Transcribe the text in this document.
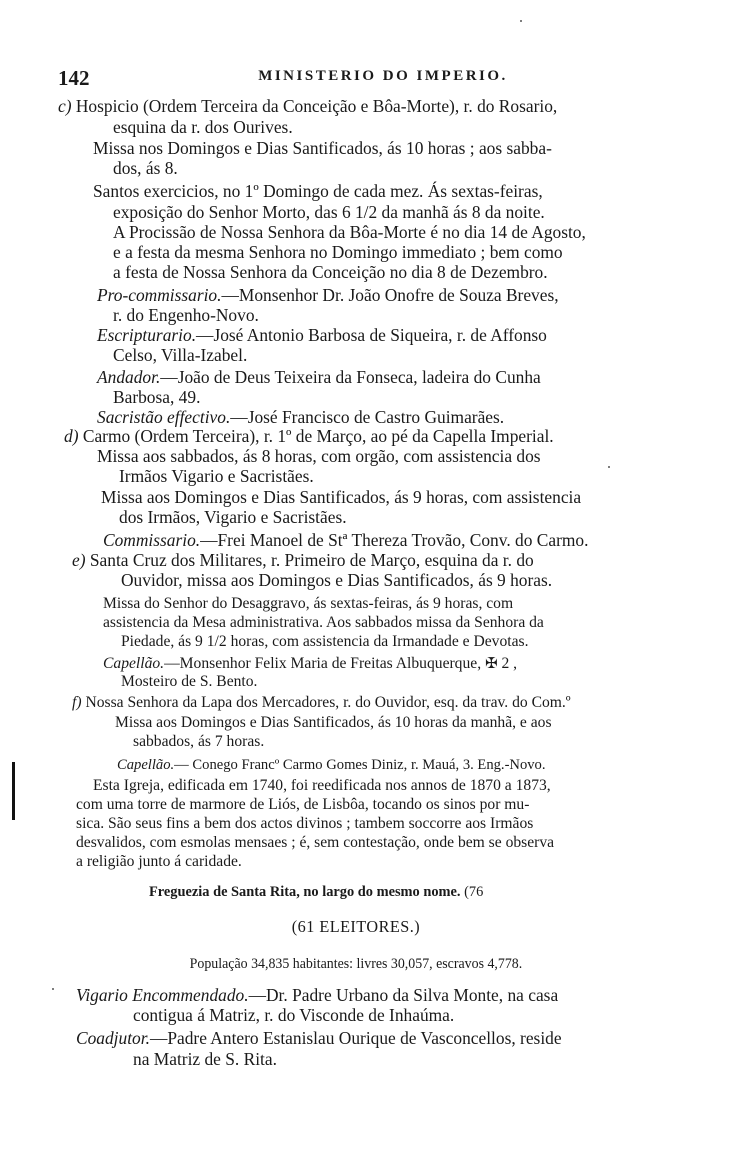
142	MINISTERIO DO IMPERIO.
c) Hospicio (Ordem Terceira da Conceição e Bôa-Morte), r. do Rosario,
esquina da r. dos Ourives.
Missa nos Domingos e Dias Santificados, ás 10 horas ; aos sabba-
dos, ás 8.
Santos exercicios, no 1º Domingo de cada mez. Ás sextas-feiras,
exposição do Senhor Morto, das 6 1/2 da manhã ás 8 da noite.
A Procissão de Nossa Senhora da Bôa-Morte é no dia 14 de Agosto,
e a festa da mesma Senhora no Domingo immediato ; bem como
a festa de Nossa Senhora da Conceição no dia 8 de Dezembro.
Pro-commissario.—Monsenhor Dr. João Onofre de Souza Breves,
r. do Engenho-Novo.
Escripturario.—José Antonio Barbosa de Siqueira, r. de Affonso
Celso, Villa-Izabel.
Andador.—João de Deus Teixeira da Fonseca, ladeira do Cunha
Barbosa, 49.
Sacristão effectivo.—José Francisco de Castro Guimarães.
d) Carmo (Ordem Terceira), r. 1º de Março, ao pé da Capella Imperial.
Missa aos sabbados, ás 8 horas, com orgão, com assistencia dos
Irmãos Vigario e Sacristães.
Missa aos Domingos e Dias Santificados, ás 9 horas, com assistencia
dos Irmãos, Vigario e Sacristães.
Commissario.—Frei Manoel de Stª Thereza Trovão, Conv. do Carmo.
e) Santa Cruz dos Militares, r. Primeiro de Março, esquina da r. do
Ouvidor, missa aos Domingos e Dias Santificados, ás 9 horas.
Missa do Senhor do Desaggravo, ás sextas-feiras, ás 9 horas, com
assistencia da Mesa administrativa. Aos sabbados missa da Senhora da
Piedade, ás 9 1/2 horas, com assistencia da Irmandade e Devotas.
Capellão.—Monsenhor Felix Maria de Freitas Albuquerque, ✠ 2 ,
Mosteiro de S. Bento.
f) Nossa Senhora da Lapa dos Mercadores, r. do Ouvidor, esq. da trav. do Com.º
Missa aos Domingos e Dias Santificados, ás 10 horas da manhã, e aos
sabbados, ás 7 horas.
Capellão.— Conego Francº Carmo Gomes Diniz, r. Mauá, 3. Eng.-Novo.
Esta Igreja, edificada em 1740, foi reedificada nos annos de 1870 a 1873,
com uma torre de marmore de Liós, de Lisbôa, tocando os sinos por mu-
sica. São seus fins a bem dos actos divinos ; tambem soccorre aos Irmãos
desvalidos, com esmolas mensaes ; é, sem contestação, onde bem se observa
a religião junto á caridade.
Freguezia de Santa Rita, no largo do mesmo nome. (76
(61 ELEITORES.)
População 34,835 habitantes: livres 30,057, escravos 4,778.
Vigario Encommendado.—Dr. Padre Urbano da Silva Monte, na casa
contigua á Matriz, r. do Visconde de Inhaúma.
Coadjutor.—Padre Antero Estanislau Ourique de Vasconcellos, reside
na Matriz de S. Rita.
